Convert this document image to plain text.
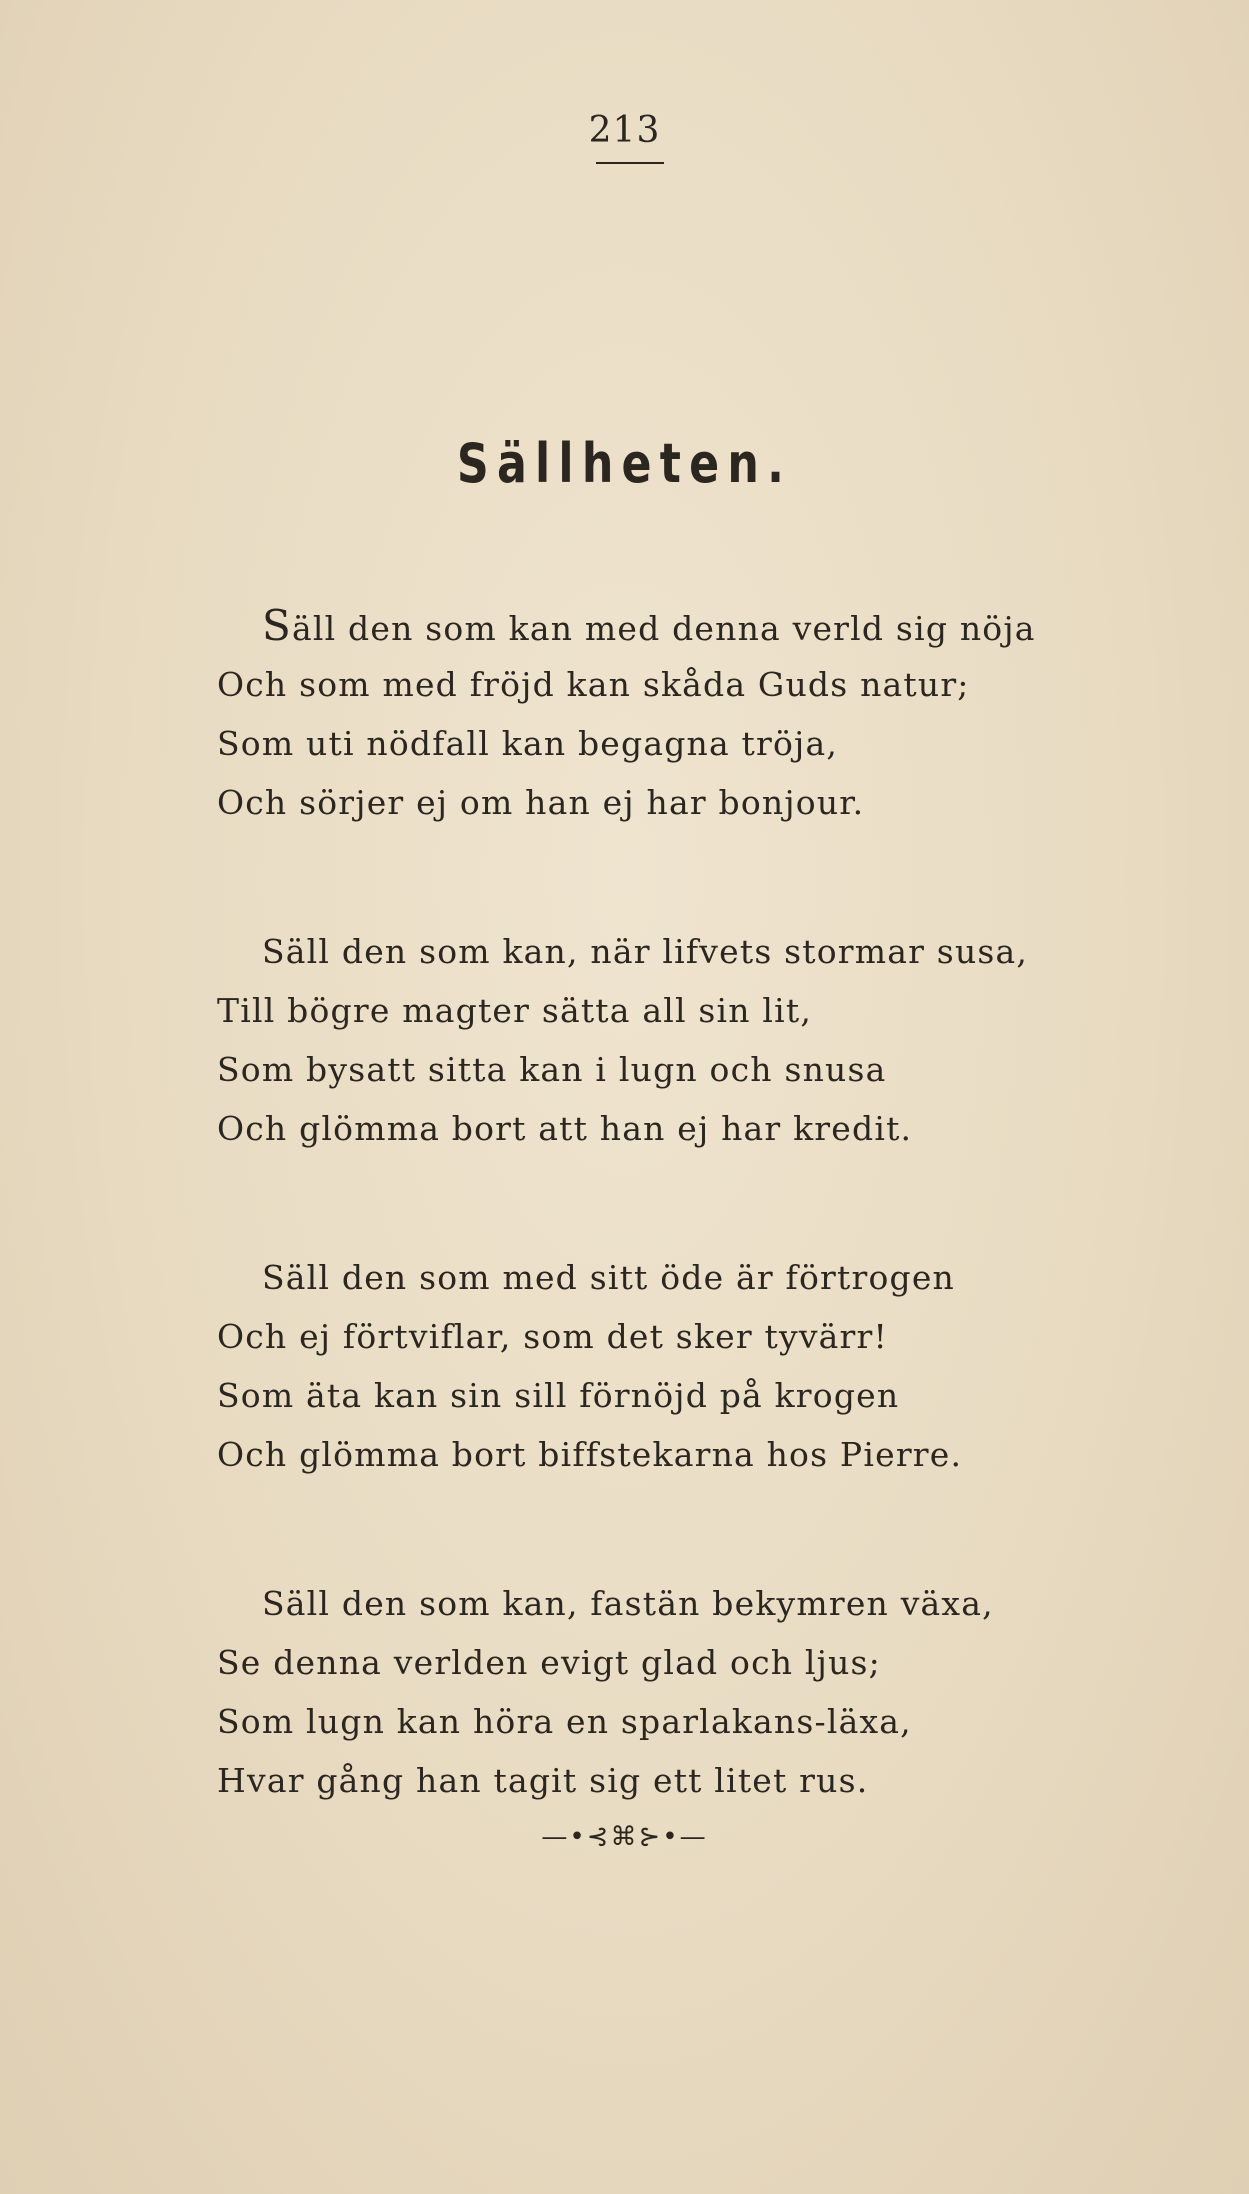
213
Sällheten.
Säll den som kan med denna verld sig nöja
Och som med fröjd kan skåda Guds natur;
Som uti nödfall kan begagna tröja,
Och sörjer ej om han ej har bonjour.
Säll den som kan, när lifvets stormar susa,
Till bögre magter sätta all sin lit,
Som bysatt sitta kan i lugn och snusa
Och glömma bort att han ej har kredit.
Säll den som med sitt öde är förtrogen
Och ej förtviflar, som det sker tyvärr!
Som äta kan sin sill förnöjd på krogen
Och glömma bort biffstekarna hos Pierre.
Säll den som kan, fastän bekymren växa,
Se denna verlden evigt glad och ljus;
Som lugn kan höra en sparlakans-läxa,
Hvar gång han tagit sig ett litet rus.
—•⊰⌘⊱•—
